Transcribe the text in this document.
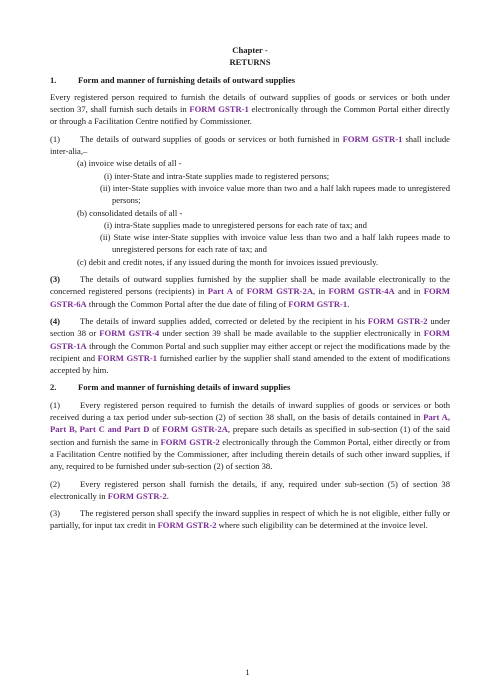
Chapter -
RETURNS
1.	Form and manner of furnishing details of outward supplies

Every registered person required to furnish the details of outward supplies of goods or services or both under section 37, shall furnish such details in FORM GSTR-1 electronically through the Common Portal either directly or through a Facilitation Centre notified by Commissioner.

(1) The details of outward supplies of goods or services or both furnished in FORM GSTR-1 shall include inter-alia,–

(a) invoice wise details of all -

(i) inter-State and intra-State supplies made to registered persons;

(ii) inter-State supplies with invoice value more than two and a half lakh rupees made to unregistered persons;

(b) consolidated details of all -

(i) intra-State supplies made to unregistered persons for each rate of tax; and

(ii) State wise inter-State supplies with invoice value less than two and a half lakh rupees made to unregistered persons for each rate of tax; and

(c) debit and credit notes, if any issued during the month for invoices issued previously.

(3) The details of outward supplies furnished by the supplier shall be made available electronically to the concerned registered persons (recipients) in Part A of FORM GSTR-2A, in FORM GSTR-4A and in FORM GSTR-6A through the Common Portal after the due date of filing of FORM GSTR-1.

(4) The details of inward supplies added, corrected or deleted by the recipient in his FORM GSTR-2 under section 38 or FORM GSTR-4 under section 39 shall be made available to the supplier electronically in FORM GSTR-1A through the Common Portal and such supplier may either accept or reject the modifications made by the recipient and FORM GSTR-1 furnished earlier by the supplier shall stand amended to the extent of modifications accepted by him.

2.	Form and manner of furnishing details of inward supplies

(1) Every registered person required to furnish the details of inward supplies of goods or services or both received during a tax period under sub-section (2) of section 38 shall, on the basis of details contained in Part A, Part B, Part C and Part D of FORM GSTR-2A, prepare such details as specified in sub-section (1) of the said section and furnish the same in FORM GSTR-2 electronically through the Common Portal, either directly or from a Facilitation Centre notified by the Commissioner, after including therein details of such other inward supplies, if any, required to be furnished under sub-section (2) of section 38.

(2) Every registered person shall furnish the details, if any, required under sub-section (5) of section 38 electronically in FORM GSTR-2.

(3) The registered person shall specify the inward supplies in respect of which he is not eligible, either fully or partially, for input tax credit in FORM GSTR-2 where such eligibility can be determined at the invoice level.

1
